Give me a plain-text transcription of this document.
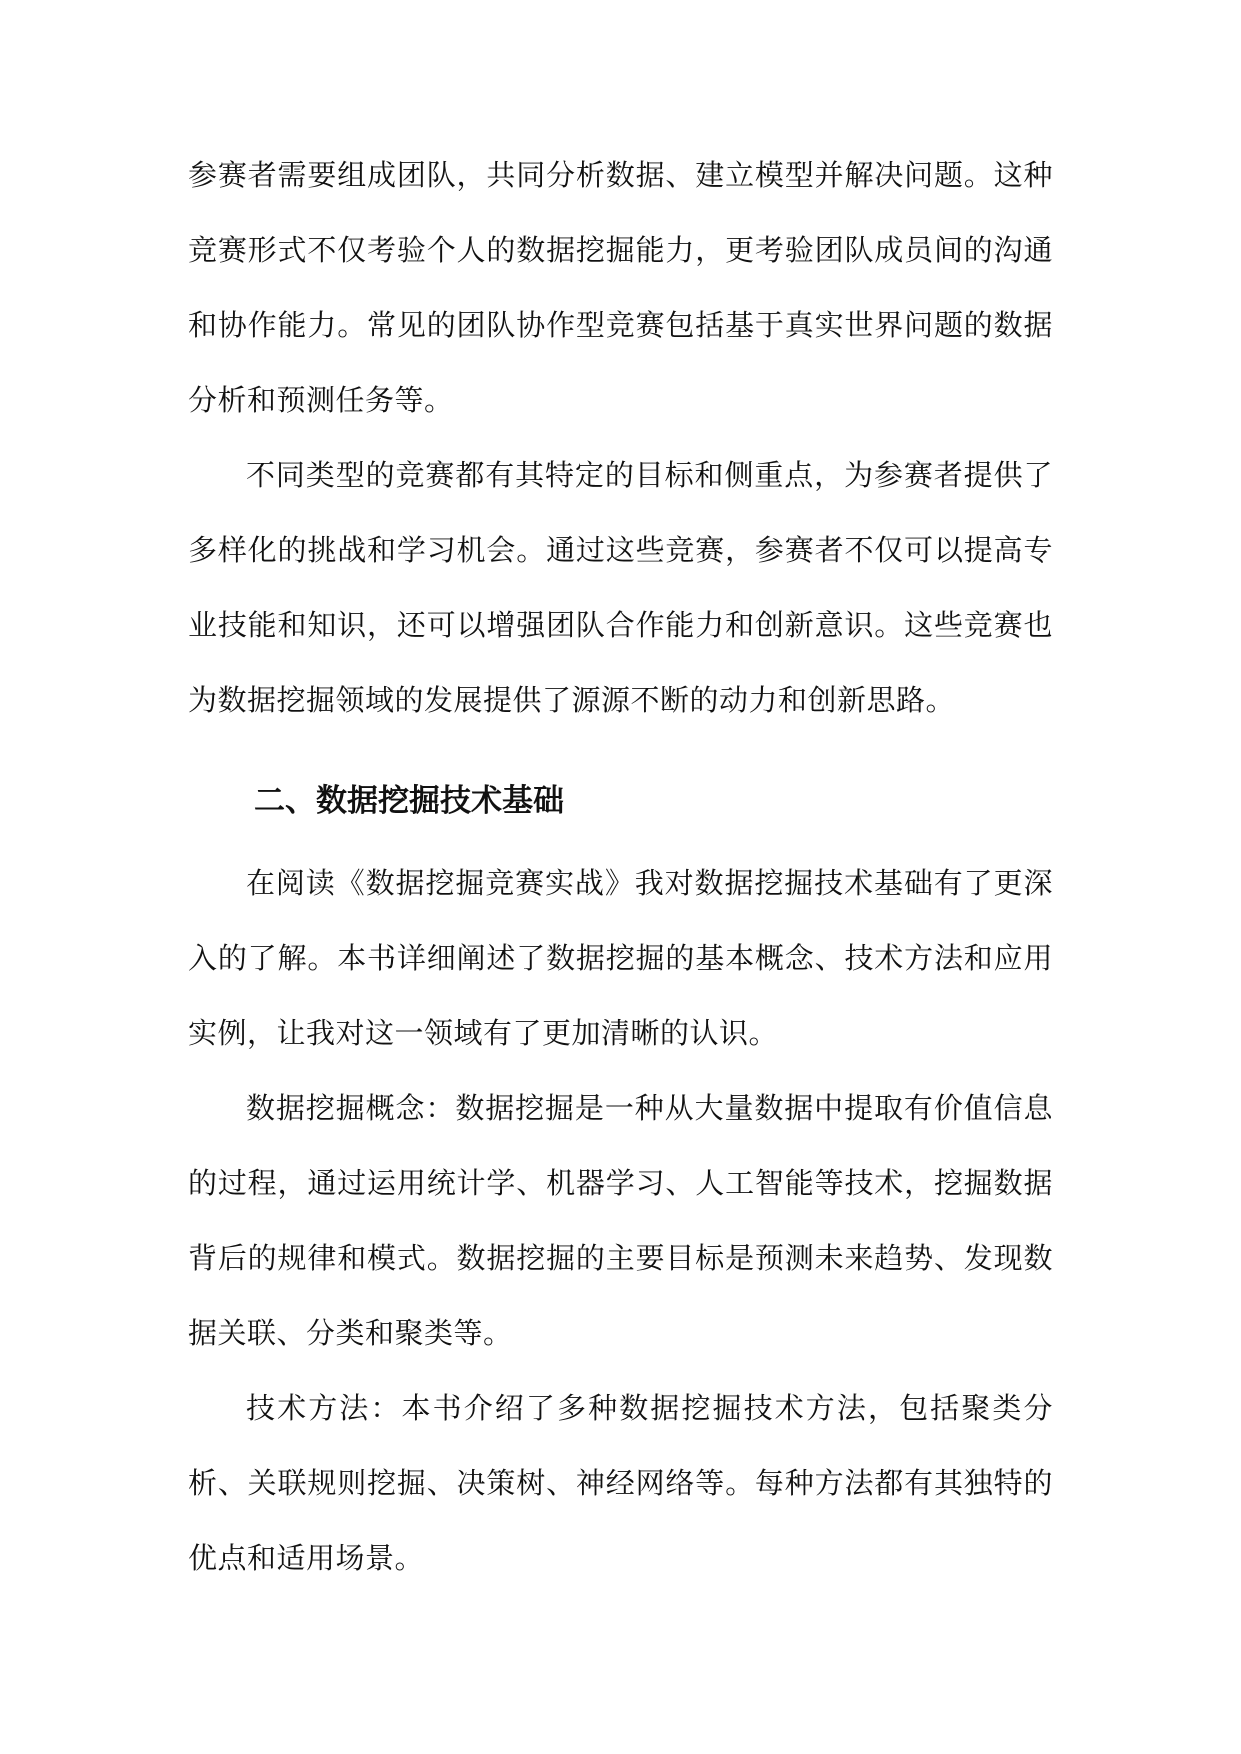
参赛者需要组成团队，共同分析数据、建立模型并解决问题。这种竞赛形式不仅考验个人的数据挖掘能力，更考验团队成员间的沟通和协作能力。常见的团队协作型竞赛包括基于真实世界问题的数据分析和预测任务等。

不同类型的竞赛都有其特定的目标和侧重点，为参赛者提供了多样化的挑战和学习机会。通过这些竞赛，参赛者不仅可以提高专业技能和知识，还可以增强团队合作能力和创新意识。这些竞赛也为数据挖掘领域的发展提供了源源不断的动力和创新思路。

二、数据挖掘技术基础

在阅读《数据挖掘竞赛实战》我对数据挖掘技术基础有了更深入的了解。本书详细阐述了数据挖掘的基本概念、技术方法和应用实例，让我对这一领域有了更加清晰的认识。

数据挖掘概念：数据挖掘是一种从大量数据中提取有价值信息的过程，通过运用统计学、机器学习、人工智能等技术，挖掘数据背后的规律和模式。数据挖掘的主要目标是预测未来趋势、发现数据关联、分类和聚类等。

技术方法：本书介绍了多种数据挖掘技术方法，包括聚类分析、关联规则挖掘、决策树、神经网络等。每种方法都有其独特的优点和适用场景。
